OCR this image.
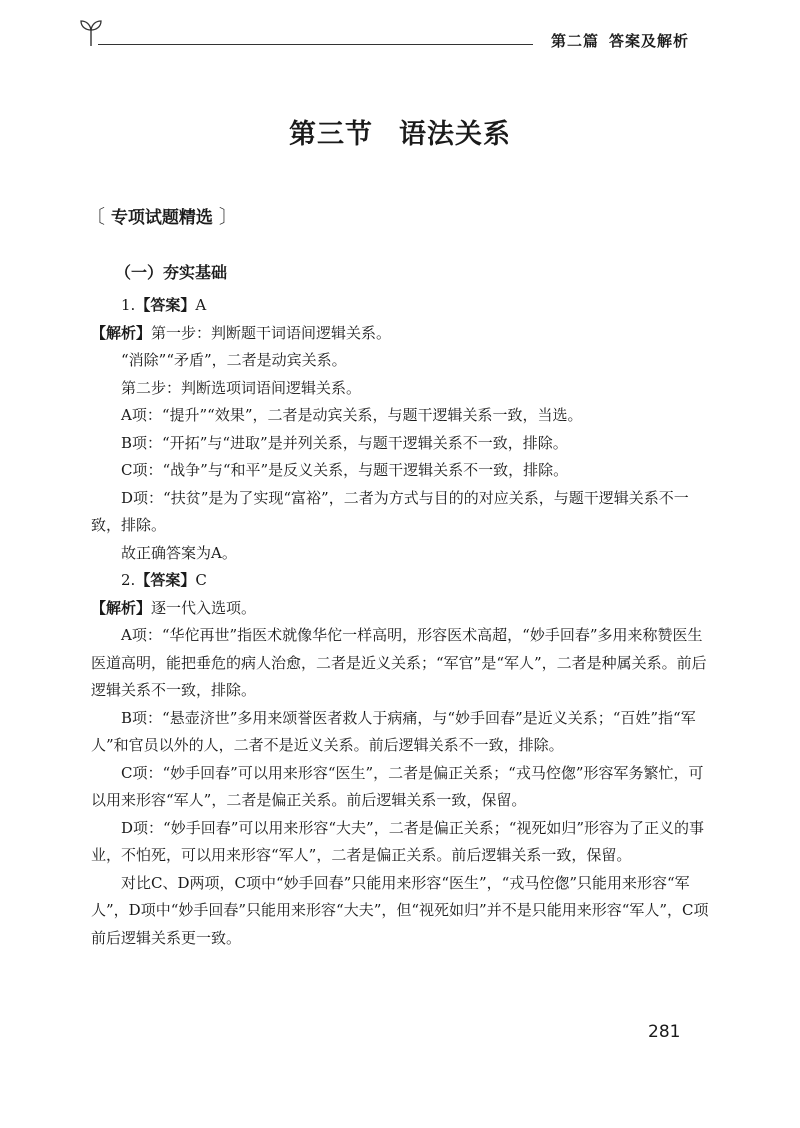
第二篇 答案及解析
第三节 语法关系
〔 专项试题精选 〕
（一）夯实基础

1.【答案】A

【解析】第一步：判断题干词语间逻辑关系。

“消除”“矛盾”，二者是动宾关系。

第二步：判断选项词语间逻辑关系。

A项：“提升”“效果”，二者是动宾关系，与题干逻辑关系一致，当选。

B项：“开拓”与“进取”是并列关系，与题干逻辑关系不一致，排除。

C项：“战争”与“和平”是反义关系，与题干逻辑关系不一致，排除。

D项：“扶贫”是为了实现“富裕”，二者为方式与目的的对应关系，与题干逻辑关系不一致，排除。

故正确答案为A。

2.【答案】C

【解析】逐一代入选项。

A项：“华佗再世”指医术就像华佗一样高明，形容医术高超，“妙手回春”多用来称赞医生医道高明，能把垂危的病人治愈，二者是近义关系；“军官”是“军人”，二者是种属关系。前后逻辑关系不一致，排除。

B项：“悬壶济世”多用来颂誉医者救人于病痛，与“妙手回春”是近义关系；“百姓”指“军人”和官员以外的人，二者不是近义关系。前后逻辑关系不一致，排除。

C项：“妙手回春”可以用来形容“医生”，二者是偏正关系；“戎马倥偬”形容军务繁忙，可以用来形容“军人”，二者是偏正关系。前后逻辑关系一致，保留。

D项：“妙手回春”可以用来形容“大夫”，二者是偏正关系；“视死如归”形容为了正义的事业，不怕死，可以用来形容“军人”，二者是偏正关系。前后逻辑关系一致，保留。

对比C、D两项，C项中“妙手回春”只能用来形容“医生”，“戎马倥偬”只能用来形容“军人”，D项中“妙手回春”只能用来形容“大夫”，但“视死如归”并不是只能用来形容“军人”，C项前后逻辑关系更一致。

281
